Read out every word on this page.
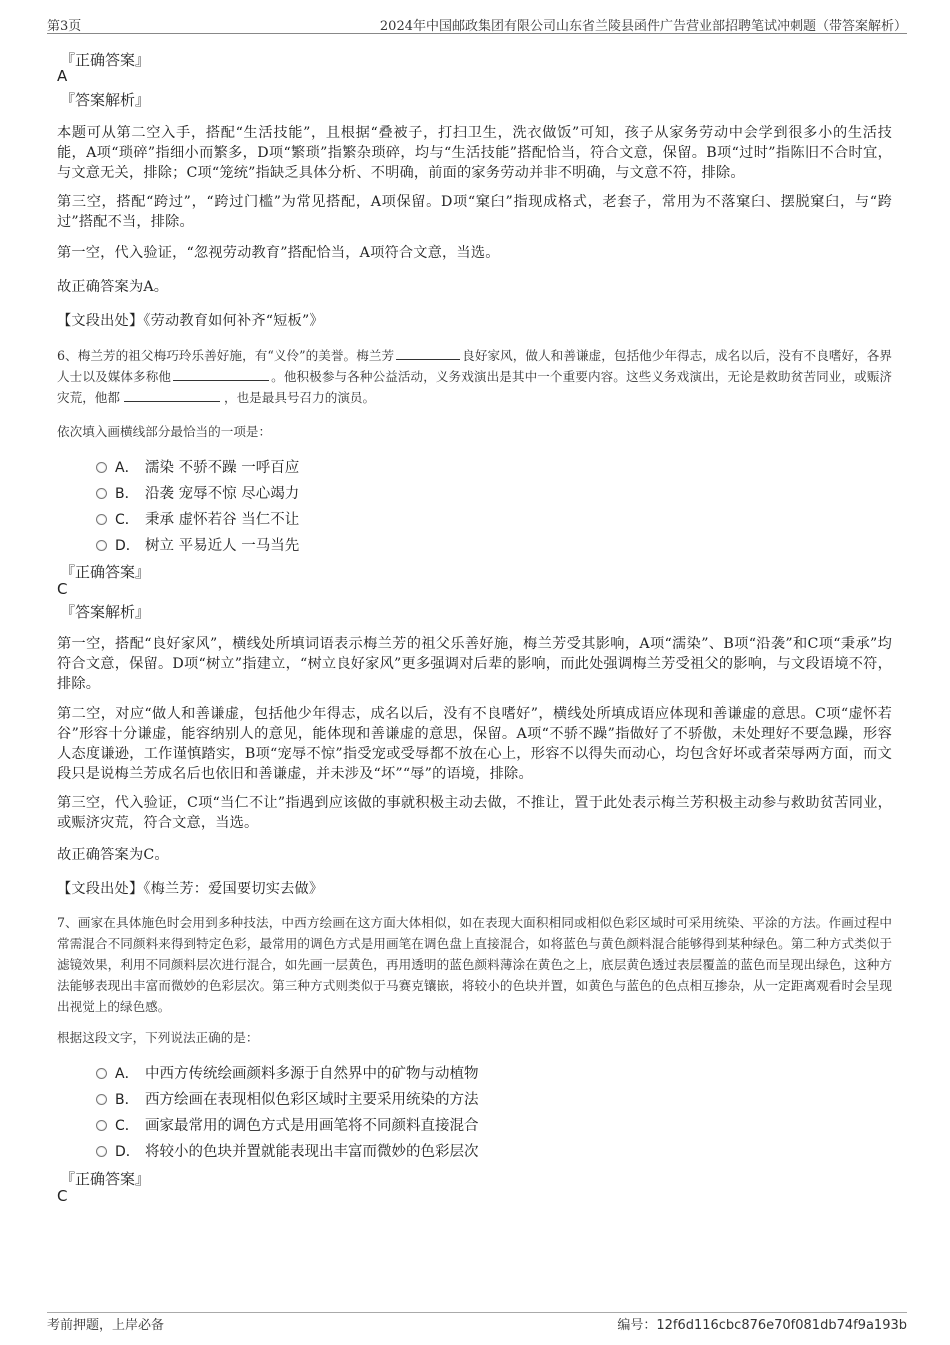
第3页	2024年中国邮政集团有限公司山东省兰陵县函件广告营业部招聘笔试冲刺题（带答案解析）
『正确答案』
A
『答案解析』
本题可从第二空入手，搭配“生活技能”，且根据“叠被子，打扫卫生，洗衣做饭”可知，孩子从家务劳动中会学到很多小的生活技能，A项“琐碎”指细小而繁多，D项“繁琐”指繁杂琐碎，均与“生活技能”搭配恰当，符合文意，保留。B项“过时”指陈旧不合时宜，与文意无关，排除；C项“笼统”指缺乏具体分析、不明确，前面的家务劳动并非不明确，与文意不符，排除。
第三空，搭配“跨过”，“跨过门槛”为常见搭配，A项保留。D项“窠臼”指现成格式，老套子，常用为不落窠臼、摆脱窠臼，与“跨过”搭配不当，排除。
第一空，代入验证，“忽视劳动教育”搭配恰当，A项符合文意，当选。
故正确答案为A。
【文段出处】《劳动教育如何补齐“短板”》
6、梅兰芳的祖父梅巧玲乐善好施，有“义伶”的美誉。梅兰芳	良好家风，做人和善谦虚，包括他少年得志，成名以后，没有不良嗜好，各界人士以及媒体多称他	。他积极参与各种公益活动，义务戏演出是其中一个重要内容。这些义务戏演出，无论是救助贫苦同业，或赈济灾荒，他都	，也是最具号召力的演员。
依次填入画横线部分最恰当的一项是：
A． 濡染 不骄不躁 一呼百应
B． 沿袭 宠辱不惊 尽心竭力
C． 秉承 虚怀若谷 当仁不让
D． 树立 平易近人 一马当先
『正确答案』
C
『答案解析』
第一空，搭配“良好家风”，横线处所填词语表示梅兰芳的祖父乐善好施，梅兰芳受其影响，A项“濡染”、B项“沿袭”和C项“秉承”均符合文意，保留。D项“树立”指建立，“树立良好家风”更多强调对后辈的影响，而此处强调梅兰芳受祖父的影响，与文段语境不符，排除。
第二空，对应“做人和善谦虚，包括他少年得志，成名以后，没有不良嗜好”，横线处所填成语应体现和善谦虚的意思。C项“虚怀若谷”形容十分谦虚，能容纳别人的意见，能体现和善谦虚的意思，保留。A项“不骄不躁”指做好了不骄傲，未处理好不要急躁，形容人态度谦逊，工作谨慎踏实，B项“宠辱不惊”指受宠或受辱都不放在心上，形容不以得失而动心，均包含好坏或者荣辱两方面，而文段只是说梅兰芳成名后也依旧和善谦虚，并未涉及“坏”“辱”的语境，排除。
第三空，代入验证，C项“当仁不让”指遇到应该做的事就积极主动去做，不推让，置于此处表示梅兰芳积极主动参与救助贫苦同业，或赈济灾荒，符合文意，当选。
故正确答案为C。
【文段出处】《梅兰芳：爱国要切实去做》
7、画家在具体施色时会用到多种技法，中西方绘画在这方面大体相似，如在表现大面积相同或相似色彩区域时可采用统染、平涂的方法。作画过程中常需混合不同颜料来得到特定色彩，最常用的调色方式是用画笔在调色盘上直接混合，如将蓝色与黄色颜料混合能够得到某种绿色。第二种方式类似于滤镜效果，利用不同颜料层次进行混合，如先画一层黄色，再用透明的蓝色颜料薄涂在黄色之上，底层黄色透过表层覆盖的蓝色而呈现出绿色，这种方法能够表现出丰富而微妙的色彩层次。第三种方式则类似于马赛克镶嵌，将较小的色块并置，如黄色与蓝色的色点相互掺杂，从一定距离观看时会呈现出视觉上的绿色感。
根据这段文字，下列说法正确的是：
A． 中西方传统绘画颜料多源于自然界中的矿物与动植物
B． 西方绘画在表现相似色彩区域时主要采用统染的方法
C． 画家最常用的调色方式是用画笔将不同颜料直接混合
D． 将较小的色块并置就能表现出丰富而微妙的色彩层次
『正确答案』
C
考前押题，上岸必备	编号：12f6d116cbc876e70f081db74f9a193b
